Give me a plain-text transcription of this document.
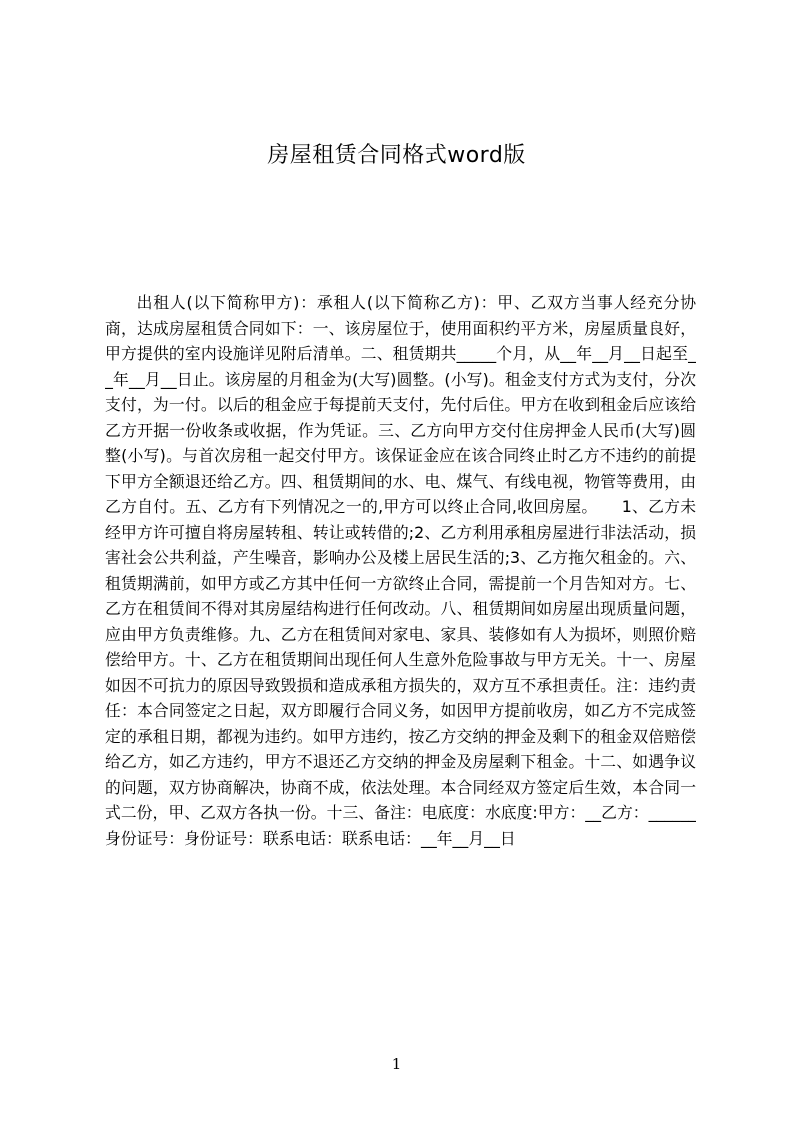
房屋租赁合同格式word版

出租人(以下简称甲方)：承租人(以下简称乙方)：甲、乙双方当事人经充分协商，达成房屋租赁合同如下：一、该房屋位于，使用面积约平方米，房屋质量良好，甲方提供的室内设施详见附后清单。二、租赁期共_____个月，从__年__月__日起至__年__月__日止。该房屋的月租金为(大写)圆整。(小写)。租金支付方式为支付，分次支付，为一付。以后的租金应于每提前天支付，先付后住。甲方在收到租金后应该给乙方开据一份收条或收据，作为凭证。三、乙方向甲方交付住房押金人民币(大写)圆整(小写)。与首次房租一起交付甲方。该保证金应在该合同终止时乙方不违约的前提下甲方全额退还给乙方。四、租赁期间的水、电、煤气、有线电视，物管等费用，由乙方自付。五、乙方有下列情况之一的,甲方可以终止合同,收回房屋。　　1、乙方未经甲方许可擅自将房屋转租、转让或转借的;2、乙方利用承租房屋进行非法活动，损害社会公共利益，产生噪音，影响办公及楼上居民生活的;3、乙方拖欠租金的。六、租赁期满前，如甲方或乙方其中任何一方欲终止合同，需提前一个月告知对方。七、乙方在租赁间不得对其房屋结构进行任何改动。八、租赁期间如房屋出现质量问题，应由甲方负责维修。九、乙方在租赁间对家电、家具、装修如有人为损坏，则照价赔偿给甲方。十、乙方在租赁期间出现任何人生意外危险事故与甲方无关。十一、房屋如因不可抗力的原因导致毁损和造成承租方损失的，双方互不承担责任。注：违约责任：本合同签定之日起，双方即履行合同义务，如因甲方提前收房，如乙方不完成签定的承租日期，都视为违约。如甲方违约，按乙方交纳的押金及剩下的租金双倍赔偿给乙方，如乙方违约，甲方不退还乙方交纳的押金及房屋剩下租金。十二、如遇争议的问题，双方协商解决，协商不成，依法处理。本合同经双方签定后生效，本合同一式二份，甲、乙双方各执一份。十三、备注：电底度：水底度:甲方：__乙方：______身份证号：身份证号：联系电话：联系电话：__年__月__日

1
